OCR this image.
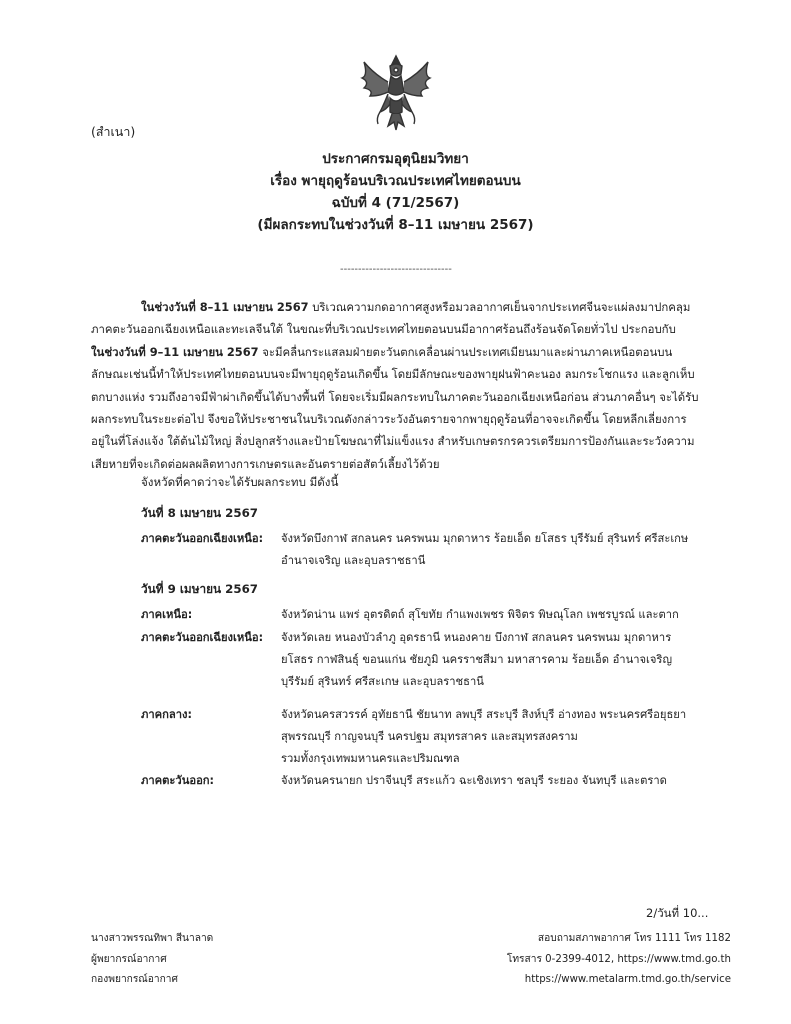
(สำเนา)
ประกาศกรมอุตุนิยมวิทยา
เรื่อง พายุฤดูร้อนบริเวณประเทศไทยตอนบน
ฉบับที่ 4 (71/2567)
(มีผลกระทบในช่วงวันที่ 8–11 เมษายน 2567)
-------------------------------
ในช่วงวันที่ 8–11 เมษายน 2567 บริเวณความกดอากาศสูงหรือมวลอากาศเย็นจากประเทศจีนจะแผ่ลงมาปกคลุม
ภาคตะวันออกเฉียงเหนือและทะเลจีนใต้ ในขณะที่บริเวณประเทศไทยตอนบนมีอากาศร้อนถึงร้อนจัดโดยทั่วไป ประกอบกับ
ในช่วงวันที่ 9–11 เมษายน 2567 จะมีคลื่นกระแสลมฝ่ายตะวันตกเคลื่อนผ่านประเทศเมียนมาและผ่านภาคเหนือตอนบน
ลักษณะเช่นนี้ทำให้ประเทศไทยตอนบนจะมีพายุฤดูร้อนเกิดขึ้น โดยมีลักษณะของพายุฝนฟ้าคะนอง ลมกระโชกแรง และลูกเห็บ
ตกบางแห่ง รวมถึงอาจมีฟ้าผ่าเกิดขึ้นได้บางพื้นที่ โดยจะเริ่มมีผลกระทบในภาคตะวันออกเฉียงเหนือก่อน ส่วนภาคอื่นๆ จะได้รับ
ผลกระทบในระยะต่อไป จึงขอให้ประชาชนในบริเวณดังกล่าวระวังอันตรายจากพายุฤดูร้อนที่อาจจะเกิดขึ้น โดยหลีกเลี่ยงการ
อยู่ในที่โล่งแจ้ง ใต้ต้นไม้ใหญ่ สิ่งปลูกสร้างและป้ายโฆษณาที่ไม่แข็งแรง สำหรับเกษตรกรควรเตรียมการป้องกันและระวังความ
เสียหายที่จะเกิดต่อผลผลิตทางการเกษตรและอันตรายต่อสัตว์เลี้ยงไว้ด้วย
จังหวัดที่คาดว่าจะได้รับผลกระทบ มีดังนี้
วันที่ 8 เมษายน 2567
ภาคตะวันออกเฉียงเหนือ: จังหวัดบึงกาฬ สกลนคร นครพนม มุกดาหาร ร้อยเอ็ด ยโสธร บุรีรัมย์ สุรินทร์ ศรีสะเกษ
อำนาจเจริญ และอุบลราชธานี
วันที่ 9 เมษายน 2567
ภาคเหนือ:	จังหวัดน่าน แพร่ อุตรดิตถ์ สุโขทัย กำแพงเพชร พิจิตร พิษณุโลก เพชรบูรณ์ และตาก
ภาคตะวันออกเฉียงเหนือ: จังหวัดเลย หนองบัวลำภู อุดรธานี หนองคาย บึงกาฬ สกลนคร นครพนม มุกดาหาร
ยโสธร กาฬสินธุ์ ขอนแก่น ชัยภูมิ นครราชสีมา มหาสารคาม ร้อยเอ็ด อำนาจเจริญ
บุรีรัมย์ สุรินทร์ ศรีสะเกษ และอุบลราชธานี
ภาคกลาง:	จังหวัดนครสวรรค์ อุทัยธานี ชัยนาท ลพบุรี สระบุรี สิงห์บุรี อ่างทอง พระนครศรีอยุธยา
สุพรรณบุรี กาญจนบุรี นครปฐม สมุทรสาคร และสมุทรสงคราม
รวมทั้งกรุงเทพมหานครและปริมณฑล
ภาคตะวันออก:	จังหวัดนครนายก ปราจีนบุรี สระแก้ว ฉะเชิงเทรา ชลบุรี ระยอง จันทบุรี และตราด
2/วันที่ 10...
นางสาวพรรณทิพา สีนาลาด
ผู้พยากรณ์อากาศ
กองพยากรณ์อากาศ
สอบถามสภาพอากาศ โทร 1111 โทร 1182
โทรสาร 0-2399-4012, https://www.tmd.go.th
https://www.metalarm.tmd.go.th/service
